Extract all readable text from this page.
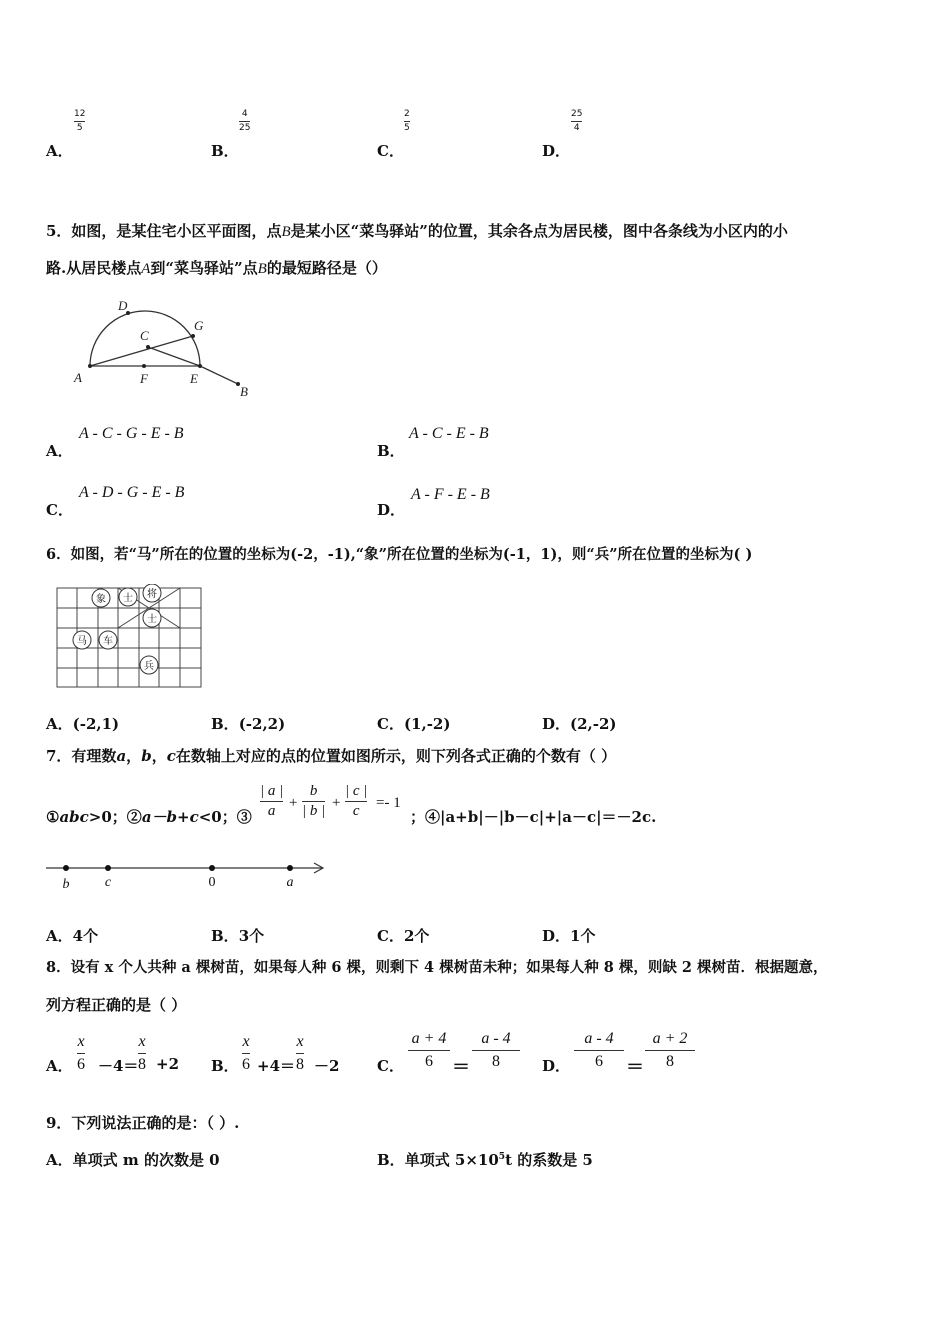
A．
12
5
B．
4
25
C．
2
5
D．
25
4
5．如图，是某住宅小区平面图，点B是某小区“菜鸟驿站”的位置，其余各点为居民楼，图中各条线为小区内的小
路.从居民楼点A到“菜鸟驿站”点B的最短路径是（）
A	F	E
C
D
G
B
A．
A - C - G - E - B
B．
A - C - E - B
C．
A - D - G - E - B
D．
A - F - E - B
6．如图，若“马”所在的位置的坐标为(-2，-1),“象”所在位置的坐标为(-1，1)，则“兵”所在位置的坐标为( )
象 士 将
士
马 车
兵
A．(-2,1)	B．(-2,2)	C．(1,-2)	D．(2,-2)
7．有理数a，b，c在数轴上对应的点的位置如图所示，则下列各式正确的个数有（ ）
①abc>0；②a－b+c<0；③
| a |
a +
b
| b | +
| c |
c =- 1
；④|a+b|－|b－c|+|a－c|＝－2c.
b	c	0	a
A．4个	B．3个	C．2个	D．1个
8．设有 x 个人共种 a 棵树苗，如果每人种 6 棵，则剩下 4 棵树苗未种；如果每人种 8 棵，则缺 2 棵树苗．根据题意，
列方程正确的是（ ）
A．
x
6 －4＝
x
8 +2 B．
x
6 +4＝
x
8 －2	C．
a + 4
6 ＝
a - 4
8	D．
a - 4
6 ＝
a + 2
8
9．下列说法正确的是：（ ）.
A．单项式 m 的次数是 0	B．单项式 $5\times 10^5t$ 的系数是 5
